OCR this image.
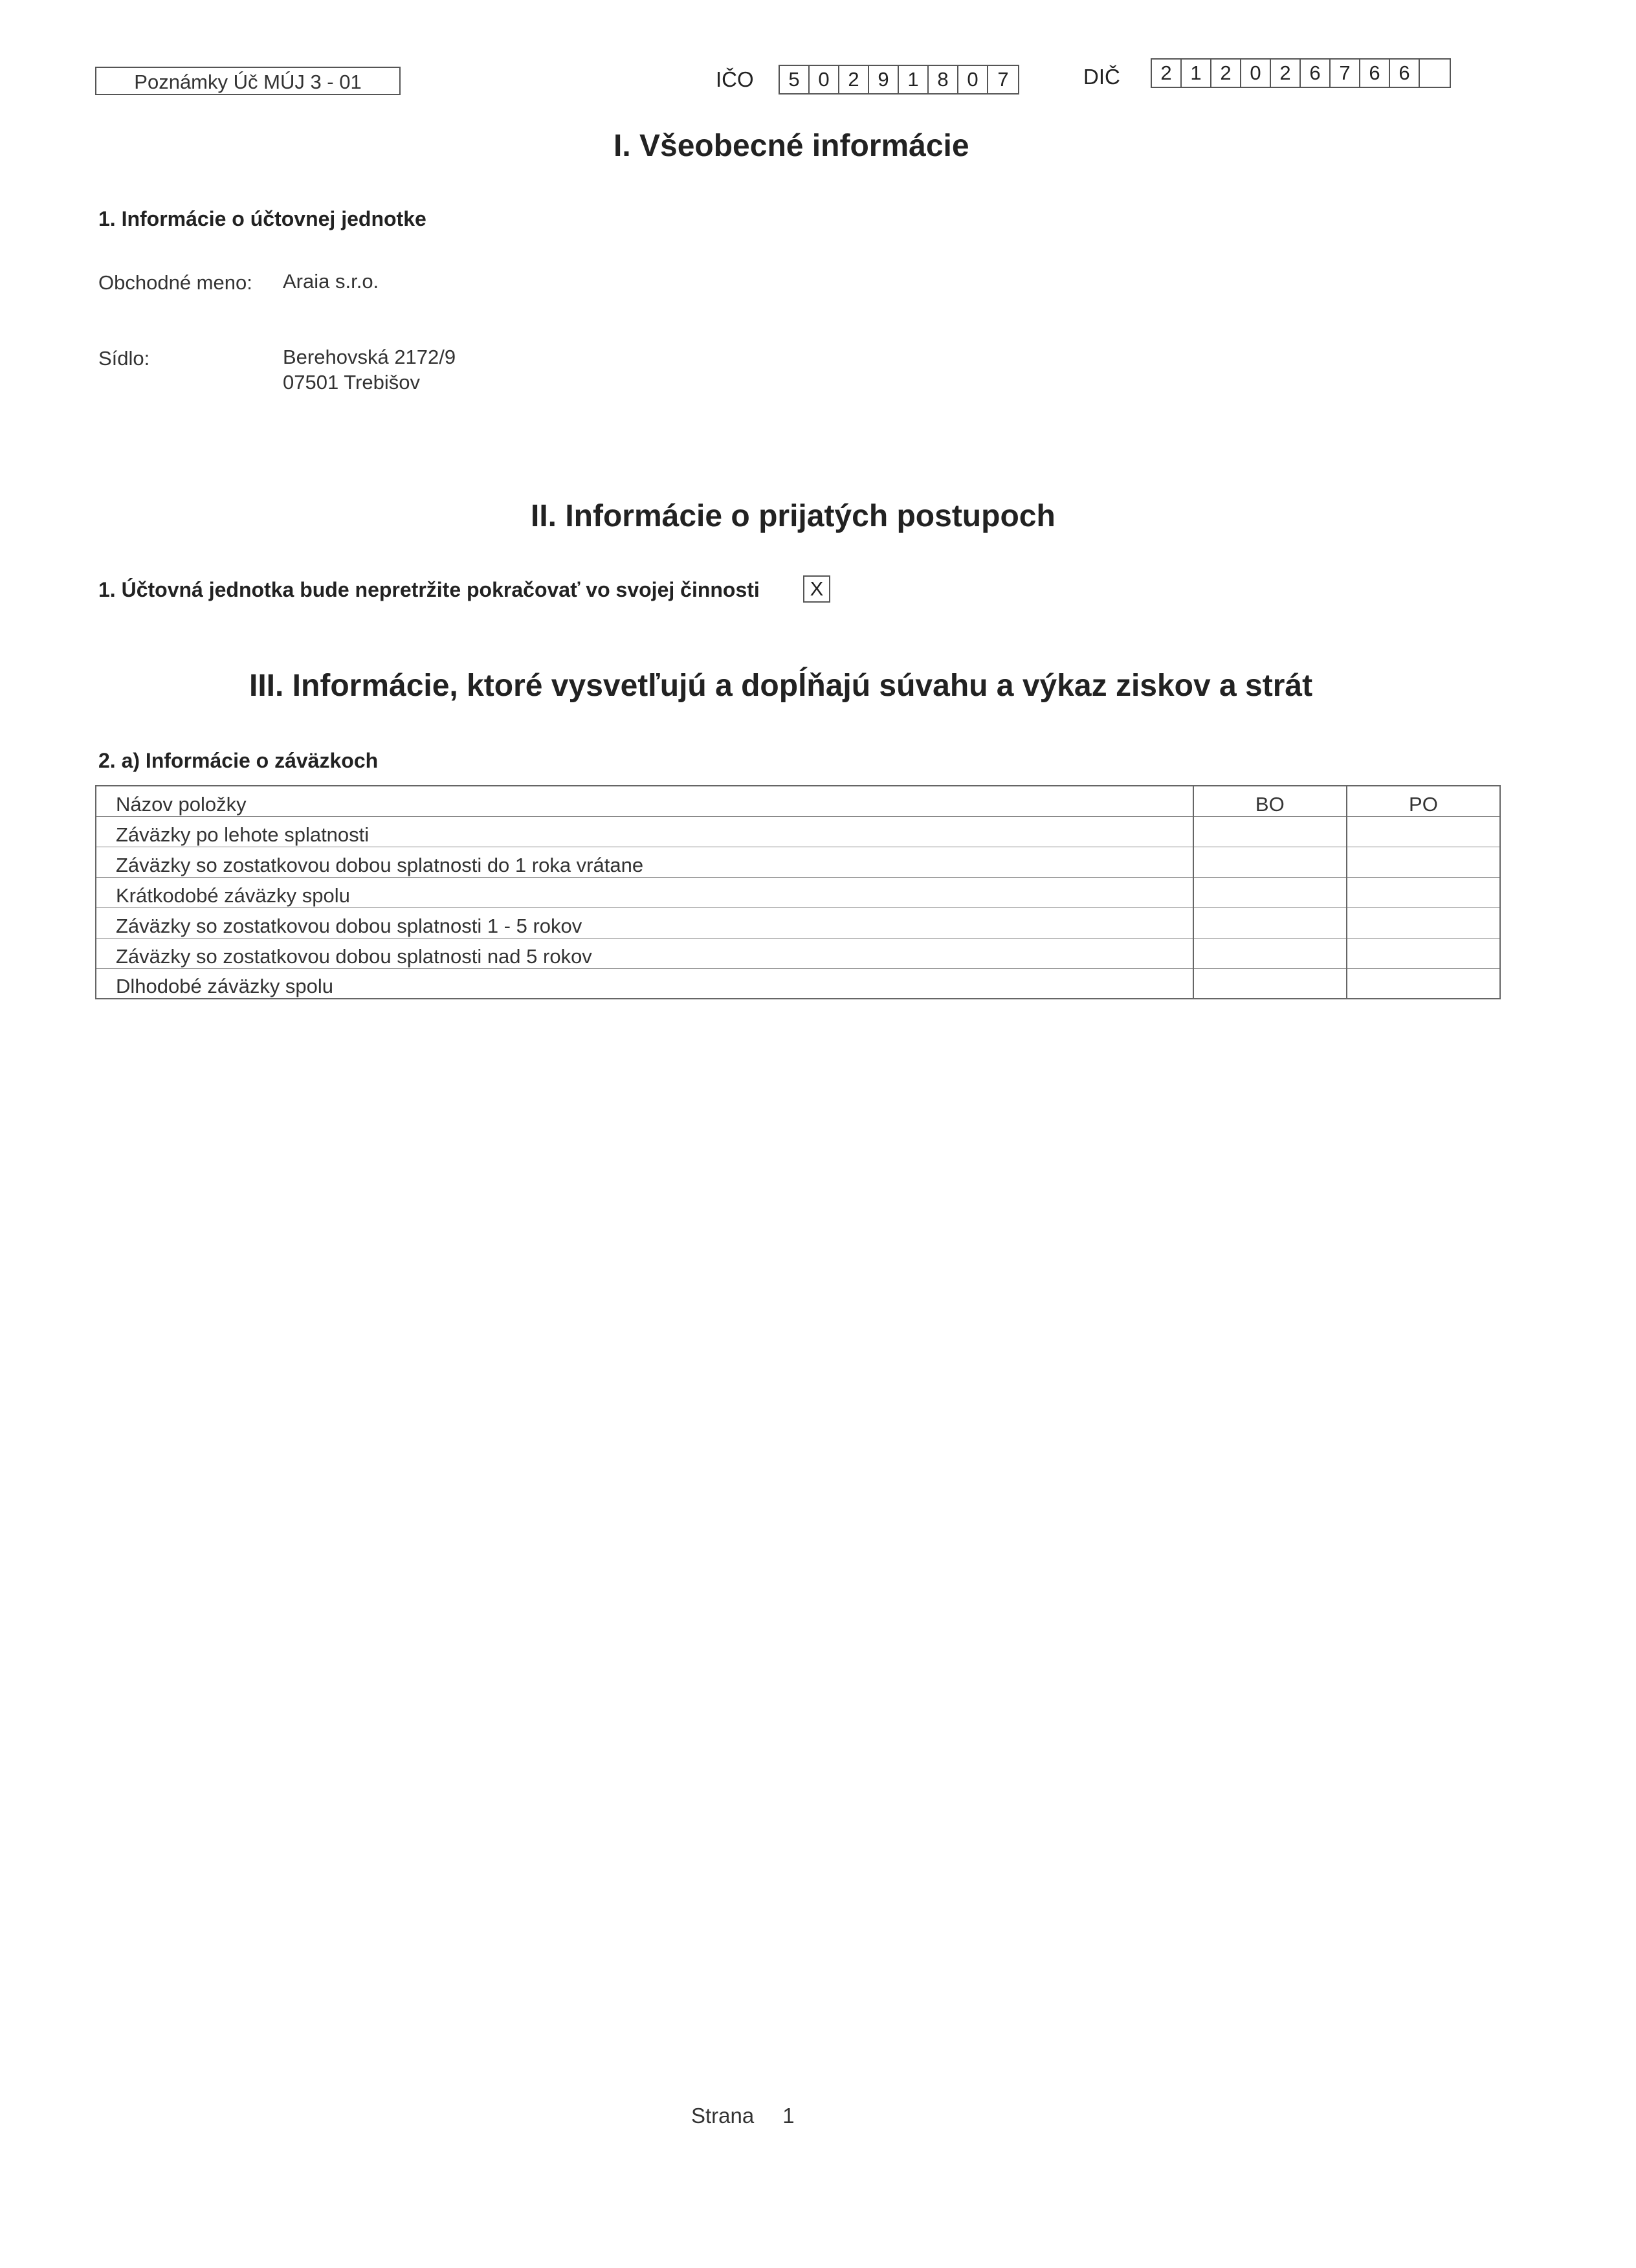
Poznámky Úč MÚJ 3 - 01	IČO	5 0 2 9 1 8 0 7	DIČ	2 1 2 0 2 6 7 6 6
I. Všeobecné informácie
1. Informácie o účtovnej jednotke
Obchodné meno: Araia s.r.o.
Sídlo:	Berehovská 2172/9
07501 Trebišov
II. Informácie o prijatých postupoch
1. Účtovná jednotka bude nepretržite pokračovať vo svojej činnosti	X
III. Informácie, ktoré vysvetľujú a dopĺňajú súvahu a výkaz ziskov a strát
2. a) Informácie o záväzkoch
Názov položky	BO	PO
Záväzky po lehote splatnosti		
Záväzky so zostatkovou dobou splatnosti do 1 roka vrátane		
Krátkodobé záväzky spolu		
Záväzky so zostatkovou dobou splatnosti 1 - 5 rokov		
Záväzky so zostatkovou dobou splatnosti nad 5 rokov		
Dlhodobé záväzky spolu		
Strana 1
